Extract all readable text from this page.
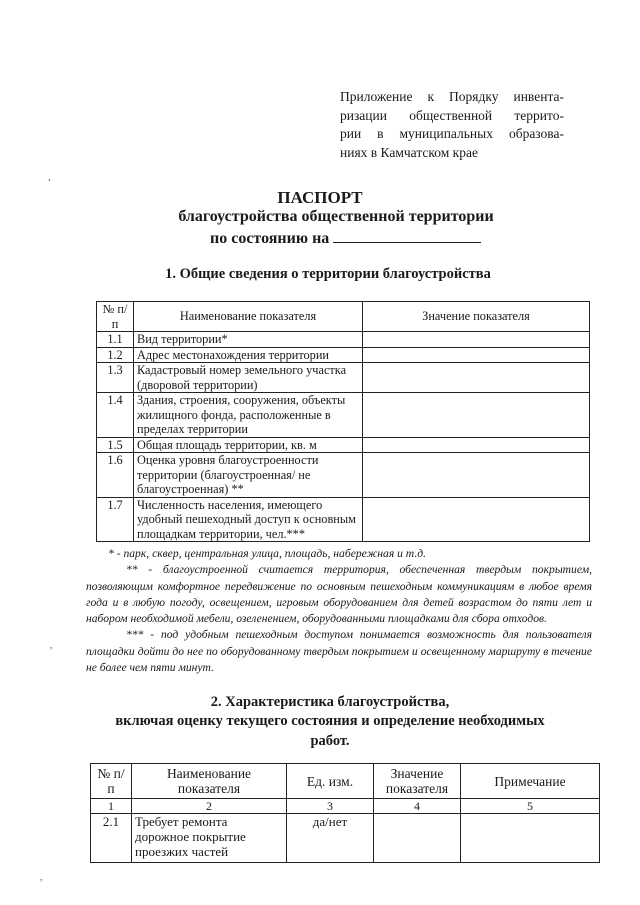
Приложение к Порядку инвента-
ризации общественной террито-
рии в муниципальных образова-
ниях в Камчатском крае
,
ПАСПОРТ
благоустройства общественной территории
по состоянию на
1. Общие сведения о территории благоустройства
№ п/п	Наименование показателя	Значение показателя
1.1	Вид территории*	
1.2	Адрес местонахождения территории	
1.3	Кадастровый номер земельного участка (дворовой территории)	
1.4	Здания, строения, сооружения, объекты жилищного фонда, расположенные в пределах территории	
1.5	Общая площадь территории, кв. м	
1.6	Оценка уровня благоустроенности территории (благоустроенная/ не благоустроенная) **	
1.7	Численность населения, имеющего удобный пешеходный доступ к основным площадкам территории, чел.***	

* - парк, сквер, центральная улица, площадь, набережная и т.д.

** - благоустроенной считается территория, обеспеченная твердым покрытием, позволяющим комфортное передвижение по основным пешеходным коммуникациям в любое время года и в любую погоду, освещением, игровым оборудованием для детей возрастом до пяти лет и набором необходимой мебели, озеленением, оборудованными площадками для сбора отходов.

*** - под удобным пешеходным доступом понимается возможность для пользователя площадки дойти до нее по оборудованному твердым покрытием и освещенному маршруту в течение не более чем пяти минут.

,
2. Характеристика благоустройства,
включая оценку текущего состояния и определение необходимых
работ.
№ п/п	Наименование показателя	Ед. изм.	Значение показателя	Примечание
1	2	3	4	5
2.1	Требует ремонта дорожное покрытие проезжих частей	да/нет		
,
